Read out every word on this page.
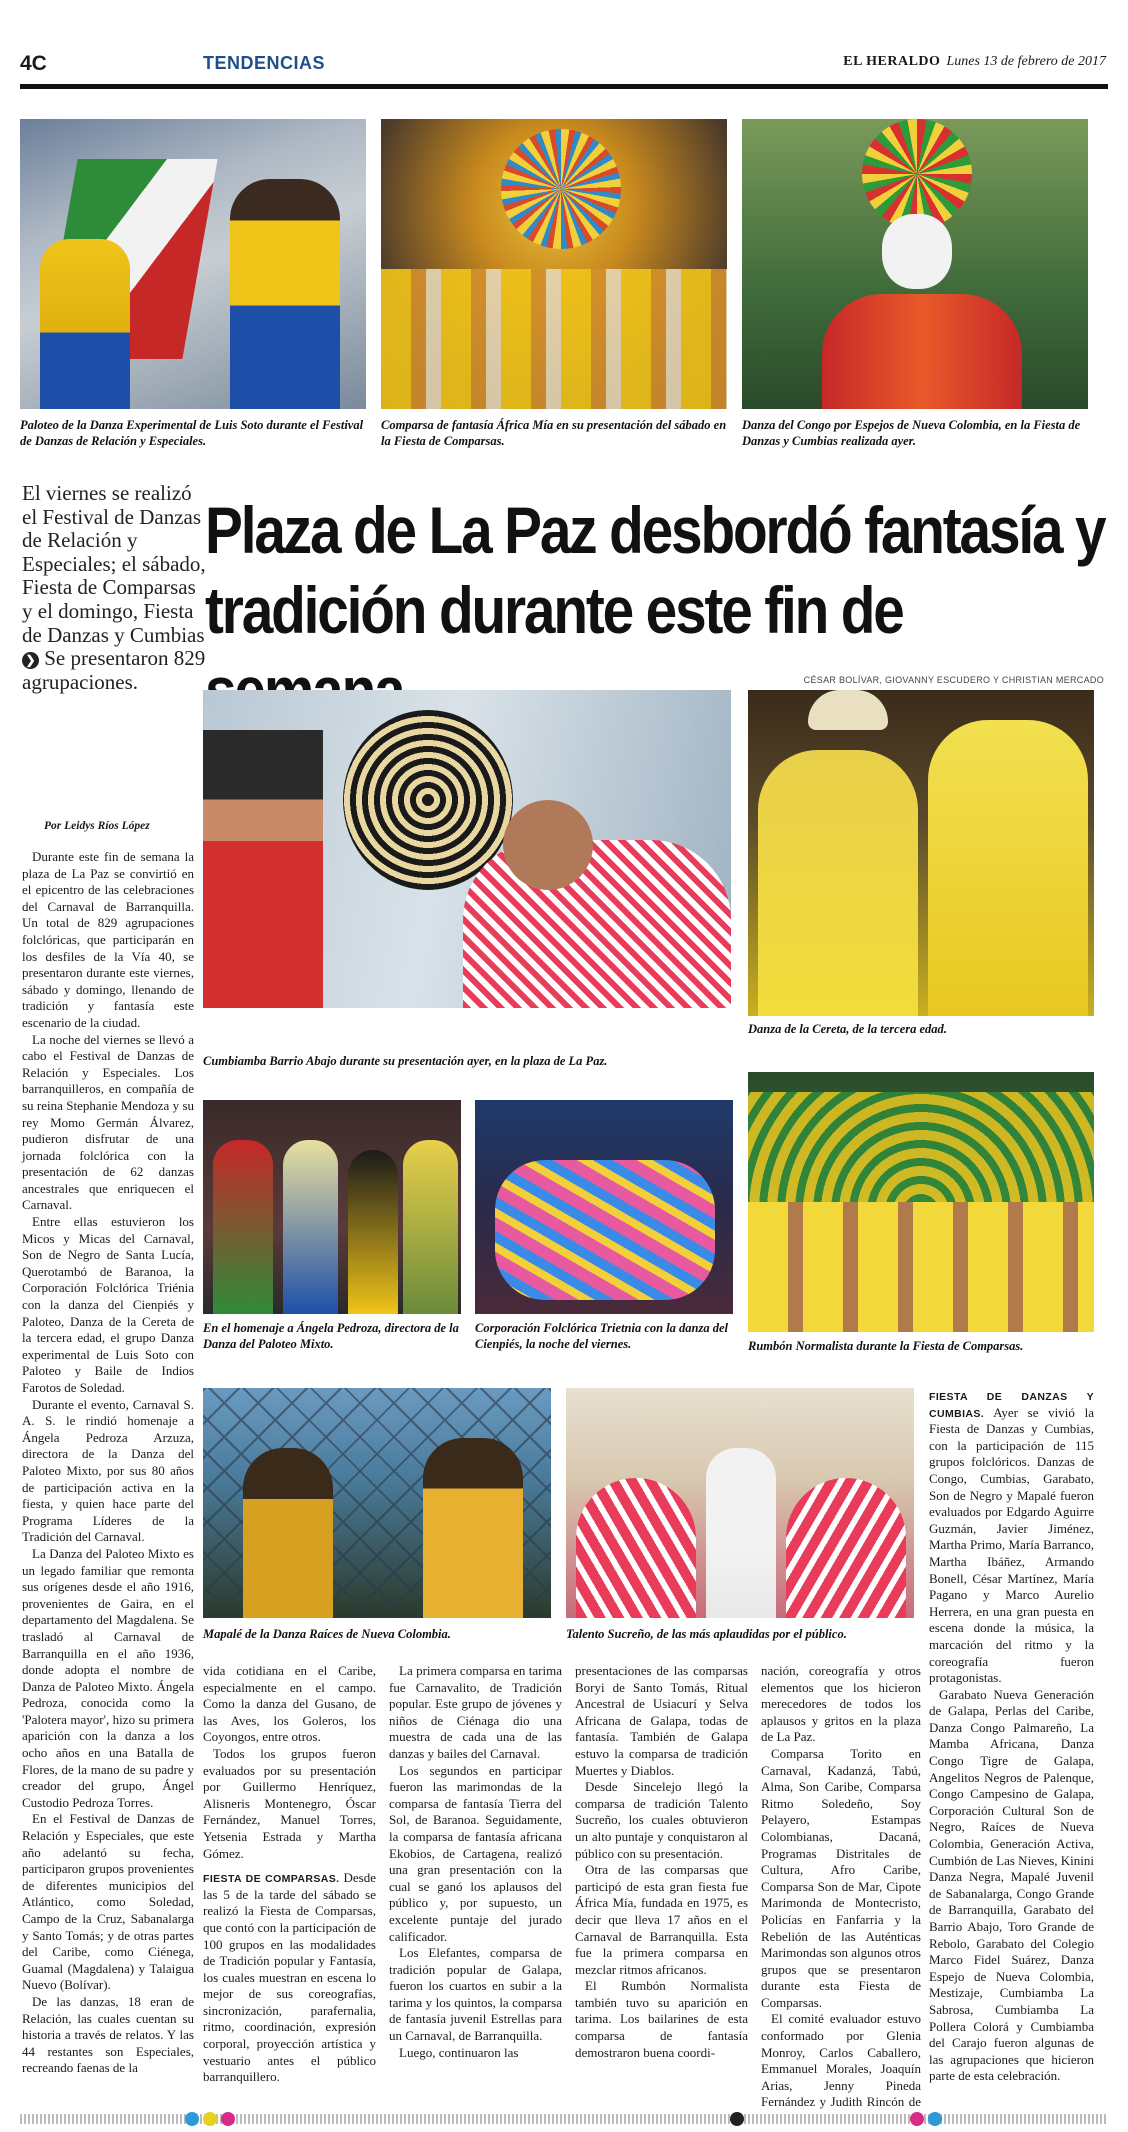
4C	TENDENCIAS	EL HERALDO Lunes 13 de febrero de 2017
Paloteo de la Danza Experimental de Luis Soto durante el Festival de Danzas de Relación y Especiales.
Comparsa de fantasía África Mía en su presentación del sábado en la Fiesta de Comparsas.
Danza del Congo por Espejos de Nueva Colombia, en la Fiesta de Danzas y Cumbias realizada ayer.
El viernes se realizó el Festival de Danzas de Relación y Especiales; el sábado, Fiesta de Comparsas y el domingo, Fiesta de Danzas y Cumbias ❯ Se presentaron 829 agrupaciones.
Plaza de La Paz desbordó fantasía y
tradición durante este fin de
CÉSAR BOLÍVAR, GIOVANNY ESCUDERO Y CHRISTIAN MERCADO
Por Leidys Ríos López
Cumbiamba Barrio Abajo durante su presentación ayer, en la plaza de La Paz.
Danza de la Cereta, de la tercera edad.
En el homenaje a Ángela Pedroza, directora de la Danza del Paloteo Mixto.
Corporación Folclórica Trietnia con la danza del Cienpiés, la noche del viernes.	Rumbón Normalista durante la Fiesta de Comparsas.
Mapalé de la Danza Raíces de Nueva Colombia.	Talento Sucreño, de las más aplaudidas por el público.

Durante este fin de semana la plaza de La Paz se convirtió en el epicentro de las celebraciones del Carnaval de Barranquilla. Un total de 829 agrupaciones folclóricas, que participarán en los desfiles de la Vía 40, se presentaron durante este viernes, sábado y domingo, llenando de tradición y fantasía este escenario de la ciudad.

La noche del viernes se llevó a cabo el Festival de Danzas de Relación y Especiales. Los barranquilleros, en compañía de su reina Stephanie Mendoza y su rey Momo Germán Álvarez, pudieron disfrutar de una jornada folclórica con la presentación de 62 danzas ancestrales que enriquecen el Carnaval.

Entre ellas estuvieron los Micos y Micas del Carnaval, Son de Negro de Santa Lucía, Querotambó de Baranoa, la Corporación Folclórica Triénia con la danza del Cienpiés y Paloteo, Danza de la Cereta de la tercera edad, el grupo Danza experimental de Luis Soto con Paloteo y Baile de Indios Farotos de Soledad.

Durante el evento, Carnaval S. A. S. le rindió homenaje a Ángela Pedroza Arzuza, directora de la Danza del Paloteo Mixto, por sus 80 años de participación activa en la fiesta, y quien hace parte del Programa Líderes de la Tradición del Carnaval.

La Danza del Paloteo Mixto es un legado familiar que remonta sus orígenes desde el año 1916, provenientes de Gaira, en el departamento del Magdalena. Se trasladó al Carnaval de Barranquilla en el año 1936, donde adopta el nombre de Danza de Paloteo Mixto. Ángela Pedroza, conocida como la 'Palotera mayor', hizo su primera aparición con la danza a los ocho años en una Batalla de Flores, de la mano de su padre y creador del grupo, Ángel Custodio Pedroza Torres.

En el Festival de Danzas de Relación y Especiales, que este año adelantó su fecha, participaron grupos provenientes de diferentes municipios del Atlántico, como Soledad, Campo de la Cruz, Sabanalarga y Santo Tomás; y de otras partes del Caribe, como Ciénega, Guamal (Magdalena) y Talaigua Nuevo (Bolívar).

De las danzas, 18 eran de Relación, las cuales cuentan su historia a través de relatos. Y las 44 restantes son Especiales, recreando faenas de la

vida cotidiana en el Caribe, especialmente en el campo. Como la danza del Gusano, de las Aves, los Goleros, los Coyongos, entre otros.

Todos los grupos fueron evaluados por su presentación por Guillermo Henríquez, Alisneris Montenegro, Óscar Fernández, Manuel Torres, Yetsenia Estrada y Martha Gómez.

FIESTA DE COMPARSAS. Desde las 5 de la tarde del sábado se realizó la Fiesta de Comparsas, que contó con la participación de 100 grupos en las modalidades de Tradición popular y Fantasía, los cuales muestran en escena lo mejor de sus coreografías, sincronización, parafernalia, ritmo, coordinación, expresión corporal, proyección artística y vestuario antes el público barranquillero.

La primera comparsa en tarima fue Carnavalito, de Tradición popular. Este grupo de jóvenes y niños de Ciénaga dio una muestra de cada una de las danzas y bailes del Carnaval.

Los segundos en participar fueron las marimondas de la comparsa de fantasía Tierra del Sol, de Baranoa. Seguidamente, la comparsa de fantasía africana Ekobios, de Cartagena, realizó una gran presentación con la cual se ganó los aplausos del público y, por supuesto, un excelente puntaje del jurado calificador.

Los Elefantes, comparsa de tradición popular de Galapa, fueron los cuartos en subir a la tarima y los quintos, la comparsa de fantasía juvenil Estrellas para un Carnaval, de Barranquilla.

Luego, continuaron las

presentaciones de las comparsas Boryi de Santo Tomás, Ritual Ancestral de Usiacurí y Selva Africana de Galapa, todas de fantasía. También de Galapa estuvo la comparsa de tradición Muertes y Diablos.

Desde Sincelejo llegó la comparsa de tradición Talento Sucreño, los cuales obtuvieron un alto puntaje y conquistaron al público con su presentación.

Otra de las comparsas que participó de esta gran fiesta fue África Mía, fundada en 1975, es decir que lleva 17 años en el Carnaval de Barranquilla. Esta fue la primera comparsa en mezclar ritmos africanos.

El Rumbón Normalista también tuvo su aparición en tarima. Los bailarines de esta comparsa de fantasía demostraron buena coordi-

nación, coreografía y otros elementos que los hicieron merecedores de todos los aplausos y gritos en la plaza de La Paz.

Comparsa Torito en Carnaval, Kadanzá, Tabú, Alma, Son Caribe, Comparsa Ritmo Soledeño, Soy Pelayero, Estampas Colombianas, Dacaná, Programas Distritales de Cultura, Afro Caribe, Comparsa Son de Mar, Cipote Marimonda de Montecristo, Policías en Fanfarria y la Rebelión de las Auténticas Marimondas son algunos otros grupos que se presentaron durante esta Fiesta de Comparsas.

El comité evaluador estuvo conformado por Glenia Monroy, Carlos Caballero, Emmanuel Morales, Joaquín Arias, Jenny Pineda Fernández y Judith Rincón de

FIESTA DE DANZAS Y CUMBIAS. Ayer se vivió la Fiesta de Danzas y Cumbias, con la participación de 115 grupos folclóricos. Danzas de Congo, Cumbias, Garabato, Son de Negro y Mapalé fueron evaluados por Edgardo Aguirre Guzmán, Javier Jiménez, Martha Primo, María Barranco, Martha Ibáñez, Armando Bonell, César Martínez, María Pagano y Marco Aurelio Herrera, en una gran puesta en escena donde la música, la marcación del ritmo y la coreografía fueron protagonistas.

Garabato Nueva Generación de Galapa, Perlas del Caribe, Danza Congo Palmareño, La Mamba Africana, Danza Congo Tigre de Galapa, Angelitos Negros de Palenque, Congo Campesino de Galapa, Corporación Cultural Son de Negro, Raíces de Nueva Colombia, Generación Activa, Cumbión de Las Nieves, Kinini Danza Negra, Mapalé Juvenil de Sabanalarga, Congo Grande de Barranquilla, Garabato del Barrio Abajo, Toro Grande de Rebolo, Garabato del Colegio Marco Fidel Suárez, Danza Espejo de Nueva Colombia, Mestizaje, Cumbiamba La Sabrosa, Cumbiamba La Pollera Colorá y Cumbiamba del Carajo fueron algunas de las agrupaciones que hicieron parte de esta celebración.
